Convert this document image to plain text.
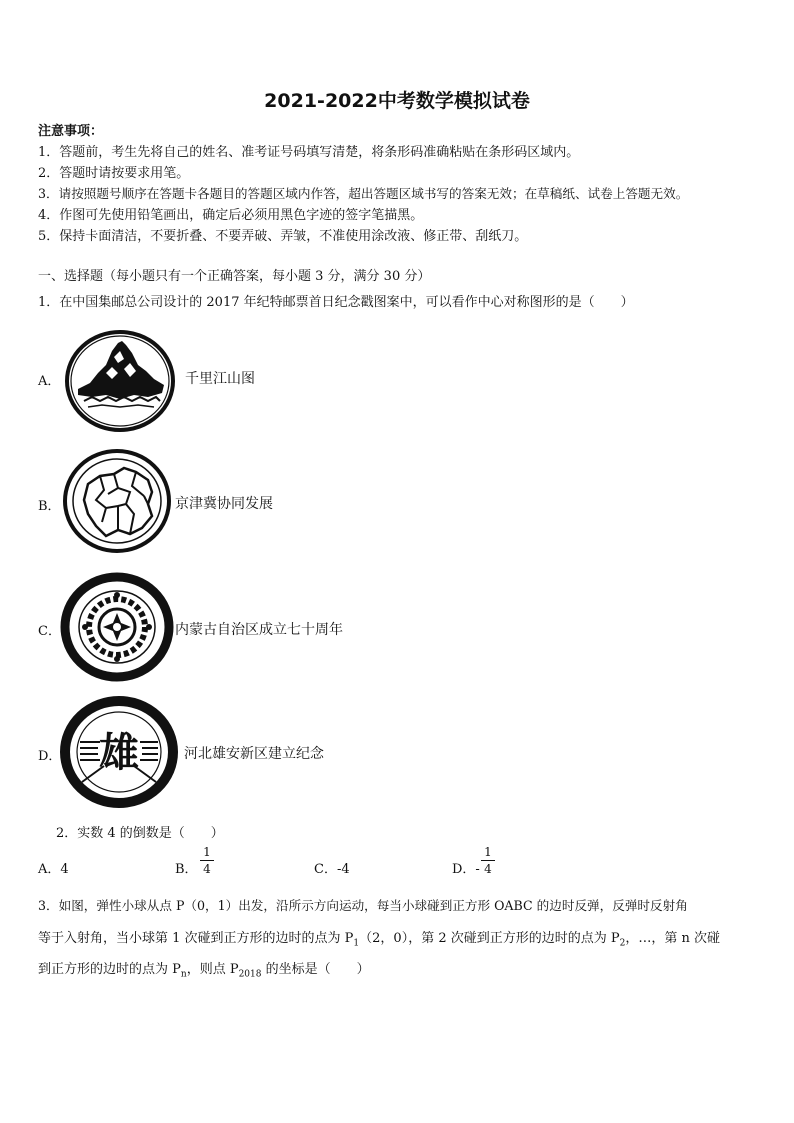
2021-2022中考数学模拟试卷
注意事项：
1．答题前，考生先将自己的姓名、准考证号码填写清楚，将条形码准确粘贴在条形码区域内。
2．答题时请按要求用笔。
3．请按照题号顺序在答题卡各题目的答题区域内作答，超出答题区域书写的答案无效；在草稿纸、试卷上答题无效。
4．作图可先使用铅笔画出，确定后必须用黑色字迹的签字笔描黑。
5．保持卡面清洁，不要折叠、不要弄破、弄皱，不准使用涂改液、修正带、刮纸刀。
一、选择题（每小题只有一个正确答案，每小题 3 分，满分 30 分）
1．在中国集邮总公司设计的 2017 年纪特邮票首日纪念戳图案中，可以看作中心对称图形的是（　　）
A．	千里江山图
B．	京津冀协同发展
C．	内蒙古自治区成立七十周年
D． 雄	河北雄安新区建立纪念
2．实数 4 的倒数是（　　）
A．4	B．
1
4	C．-4	D．-
1
4
3．如图，弹性小球从点 P（0，1）出发，沿所示方向运动，每当小球碰到正方形 OABC 的边时反弹，反弹时反射角
等于入射角，当小球第 1 次碰到正方形的边时的点为 $P_1(2$，0），第 2 次碰到正方形的边时的点为 $P_2$，…，第 n 次碰
到正方形的边时的点为 $P_n$，则点 $P_{2018}$ 的坐标是（　　）
